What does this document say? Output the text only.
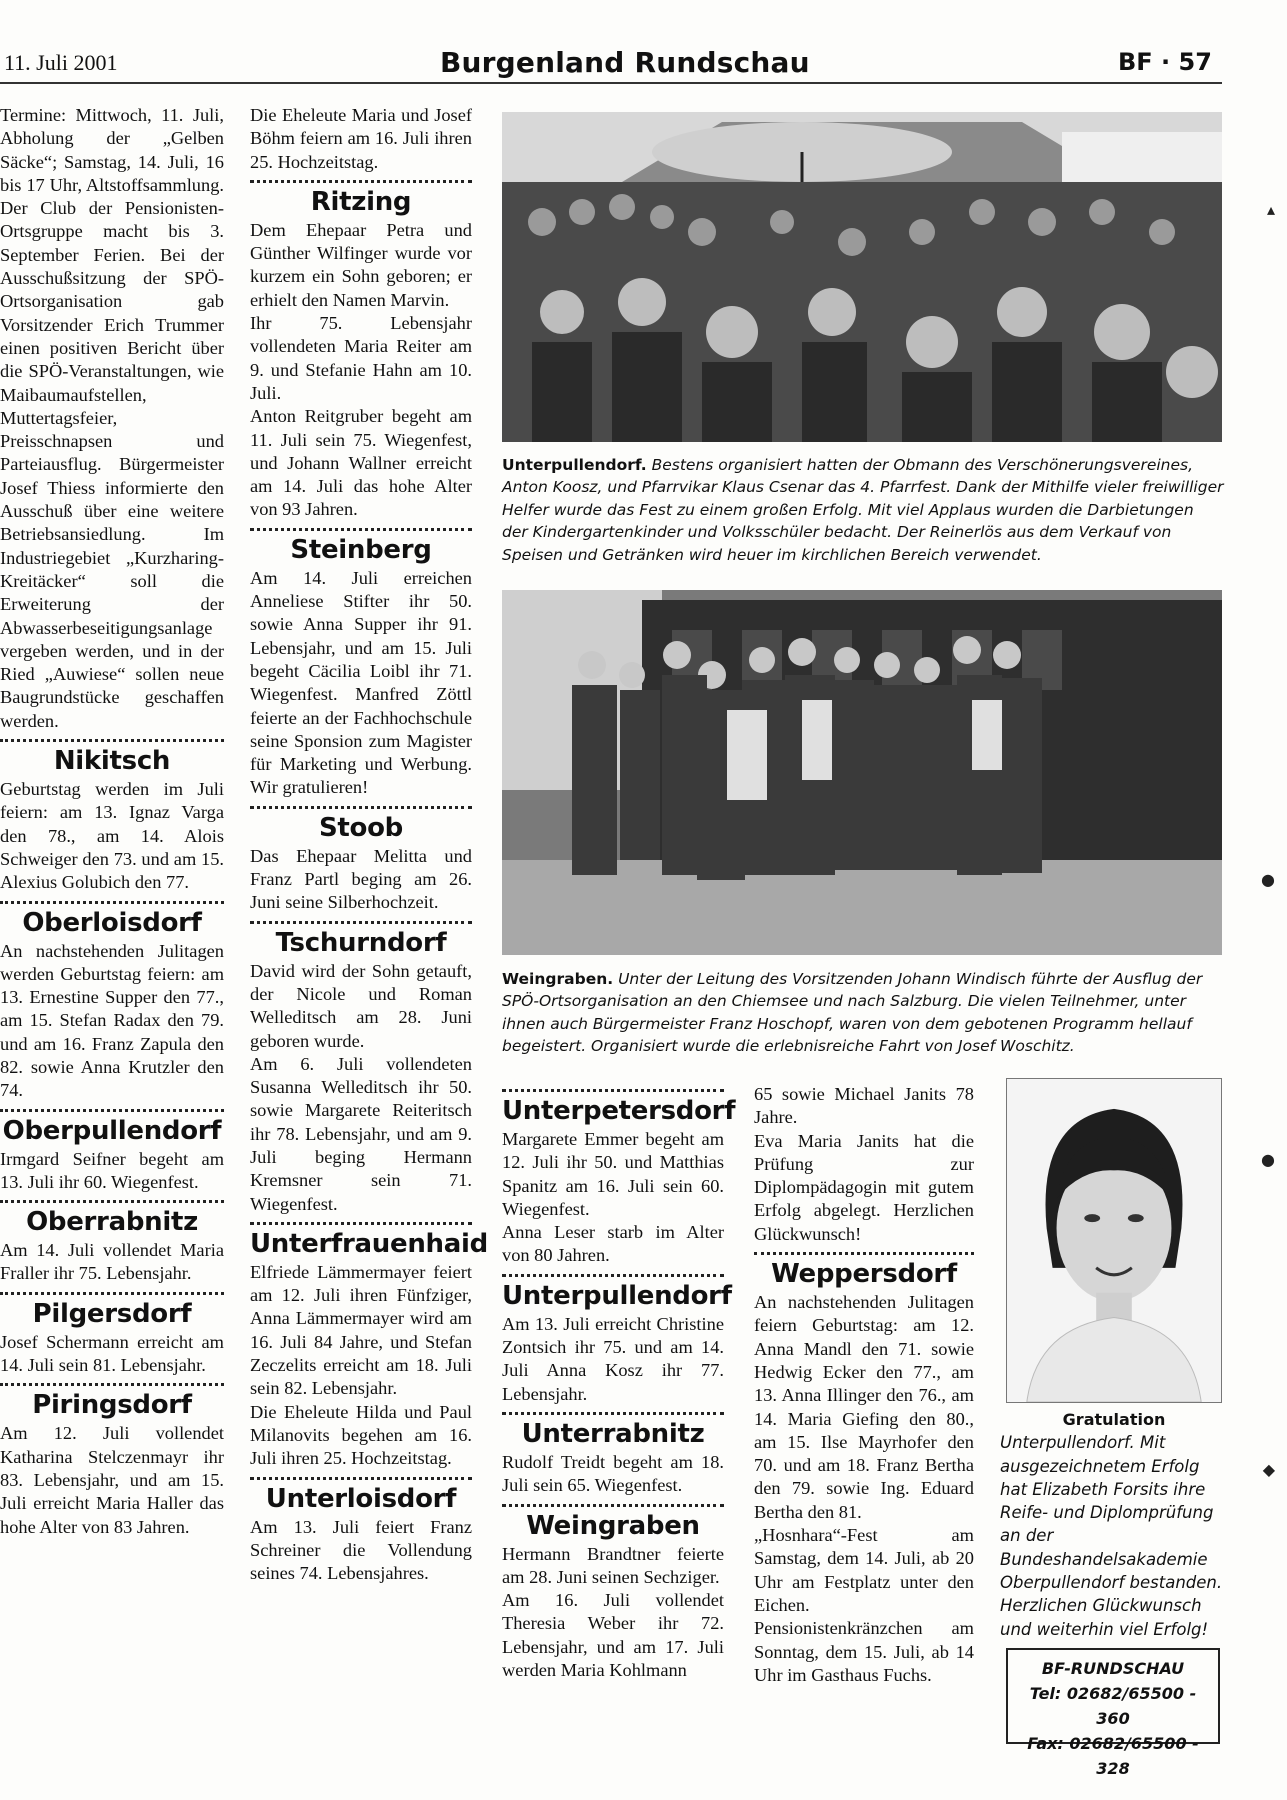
11. Juli 2001	Burgenland Rundschau	BF · 57

Termine: Mittwoch, 11. Juli, Abholung der „Gelben Säcke“; Samstag, 14. Juli, 16 bis 17 Uhr, Altstoffsammlung. Der Club der Pensionisten-Ortsgruppe macht bis 3. September Ferien. Bei der Ausschußsitzung der SPÖ-Ortsorganisation gab Vorsitzender Erich Trummer einen positiven Bericht über die SPÖ-Veranstaltungen, wie Maibaumaufstellen, Muttertagsfeier, Preisschnapsen und Parteiausflug. Bürgermeister Josef Thiess informierte den Ausschuß über eine weitere Betriebsansiedlung. Im Industriegebiet „Kurzharing-Kreitäcker“ soll die Erweiterung der Abwasserbeseitigungsanlage vergeben werden, und in der Ried „Auwiese“ sollen neue Baugrundstücke geschaffen werden.

Nikitsch

Geburtstag werden im Juli feiern: am 13. Ignaz Varga den 78., am 14. Alois Schweiger den 73. und am 15. Alexius Golubich den 77.

Oberloisdorf

An nachstehenden Julitagen werden Geburtstag feiern: am 13. Ernestine Supper den 77., am 15. Stefan Radax den 79. und am 16. Franz Zapula den 82. sowie Anna Krutzler den 74.

Oberpullendorf

Irmgard Seifner begeht am 13. Juli ihr 60. Wiegenfest.

Oberrabnitz

Am 14. Juli vollendet Maria Fraller ihr 75. Lebensjahr.

Pilgersdorf

Josef Schermann erreicht am 14. Juli sein 81. Lebensjahr.

Piringsdorf

Am 12. Juli vollendet Katharina Stelczenmayr ihr 83. Lebensjahr, und am 15. Juli erreicht Maria Haller das hohe Alter von 83 Jahren.

Die Eheleute Maria und Josef Böhm feiern am 16. Juli ihren 25. Hochzeitstag.

Ritzing

Dem Ehepaar Petra und Günther Wilfinger wurde vor kurzem ein Sohn geboren; er erhielt den Namen Marvin.

Ihr 75. Lebensjahr vollendeten Maria Reiter am 9. und Stefanie Hahn am 10. Juli.

Anton Reitgruber begeht am 11. Juli sein 75. Wiegenfest, und Johann Wallner erreicht am 14. Juli das hohe Alter von 93 Jahren.

Steinberg

Am 14. Juli erreichen Anneliese Stifter ihr 50. sowie Anna Supper ihr 91. Lebensjahr, und am 15. Juli begeht Cäcilia Loibl ihr 71. Wiegenfest. Manfred Zöttl feierte an der Fachhochschule seine Sponsion zum Magister für Marketing und Werbung. Wir gratulieren!

Stoob

Das Ehepaar Melitta und Franz Partl beging am 26. Juni seine Silberhochzeit.

Tschurndorf

David wird der Sohn getauft, der Nicole und Roman Welleditsch am 28. Juni geboren wurde.

Am 6. Juli vollendeten Susanna Welleditsch ihr 50. sowie Margarete Reiteritsch ihr 78. Lebensjahr, und am 9. Juli beging Hermann Kremsner sein 71. Wiegenfest.

Unterfrauenhaid

Elfriede Lämmermayer feiert am 12. Juli ihren Fünfziger, Anna Lämmermayer wird am 16. Juli 84 Jahre, und Stefan Zeczelits erreicht am 18. Juli sein 82. Lebensjahr.

Die Eheleute Hilda und Paul Milanovits begehen am 16. Juli ihren 25. Hochzeitstag.

Unterloisdorf

Am 13. Juli feiert Franz Schreiner die Vollendung seines 74. Lebensjahres.

Unterpullendorf. Bestens organisiert hatten der Obmann des Verschönerungsvereines, Anton Koosz, und Pfarrvikar Klaus Csenar das 4. Pfarrfest. Dank der Mithilfe vieler freiwilliger Helfer wurde das Fest zu einem großen Erfolg. Mit viel Applaus wurden die Darbietungen der Kindergartenkinder und Volksschüler bedacht. Der Reinerlös aus dem Verkauf von Speisen und Getränken wird heuer im kirchlichen Bereich verwendet.
Weingraben. Unter der Leitung des Vorsitzenden Johann Windisch führte der Ausflug der SPÖ-Ortsorganisation an den Chiemsee und nach Salzburg. Die vielen Teilnehmer, unter ihnen auch Bürgermeister Franz Hoschopf, waren von dem gebotenen Programm hellauf begeistert. Organisiert wurde die erlebnisreiche Fahrt von Josef Woschitz.
Unterpetersdorf

Margarete Emmer begeht am 12. Juli ihr 50. und Matthias Spanitz am 16. Juli sein 60. Wiegenfest.

Anna Leser starb im Alter von 80 Jahren.

Unterpullendorf

Am 13. Juli erreicht Christine Zontsich ihr 75. und am 14. Juli Anna Kosz ihr 77. Lebensjahr.

Unterrabnitz

Rudolf Treidt begeht am 18. Juli sein 65. Wiegenfest.

Weingraben

Hermann Brandtner feierte am 28. Juni seinen Sechziger.

Am 16. Juli vollendet Theresia Weber ihr 72. Lebensjahr, und am 17. Juli werden Maria Kohlmann

65 sowie Michael Janits 78 Jahre.

Eva Maria Janits hat die Prüfung zur Diplompädagogin mit gutem Erfolg abgelegt. Herzlichen Glückwunsch!

Weppersdorf

An nachstehenden Julitagen feiern Geburtstag: am 12. Anna Mandl den 71. sowie Hedwig Ecker den 77., am 13. Anna Illinger den 76., am 14. Maria Giefing den 80., am 15. Ilse Mayrhofer den 70. und am 18. Franz Bertha den 79. sowie Ing. Eduard Bertha den 81.

„Hosnhara“-Fest am Samstag, dem 14. Juli, ab 20 Uhr am Festplatz unter den Eichen.

Pensionistenkränzchen am Sonntag, dem 15. Juli, ab 14 Uhr im Gasthaus Fuchs.

Gratulation
Unterpullendorf. Mit ausgezeichnetem Erfolg hat Elizabeth Forsits ihre Reife- und Diplomprüfung an der Bundeshandelsakademie Oberpullendorf bestanden. Herzlichen Glückwunsch und weiterhin viel Erfolg!
BF-RUNDSCHAU
Tel: 02682/65500 - 360
Fax: 02682/65500 - 328
▴
●
●
◆
